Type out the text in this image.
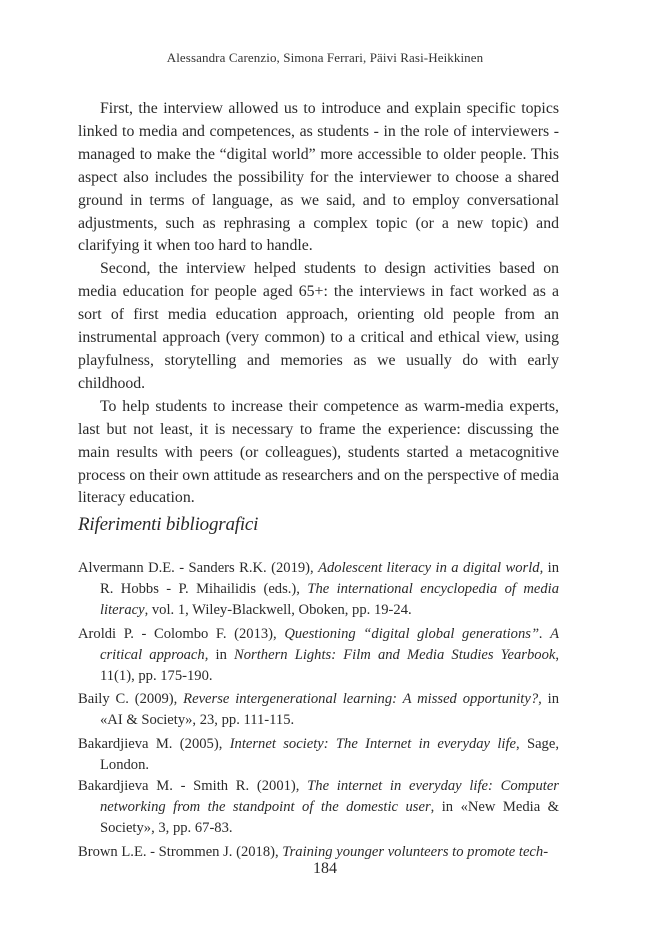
Alessandra Carenzio, Simona Ferrari, Päivi Rasi-Heikkinen

First, the interview allowed us to introduce and explain specific topics linked to media and competences, as students - in the role of interviewers - managed to make the “digital world” more accessible to older people. This aspect also includes the possibility for the interviewer to choose a shared ground in terms of language, as we said, and to employ conversational adjustments, such as rephrasing a complex topic (or a new topic) and clarifying it when too hard to handle.

Second, the interview helped students to design activities based on media education for people aged 65+: the interviews in fact worked as a sort of first media education approach, orienting old people from an instrumental approach (very common) to a critical and ethical view, using playfulness, storytelling and memories as we usually do with early childhood.

To help students to increase their competence as warm-media experts, last but not least, it is necessary to frame the experience: discussing the main results with peers (or colleagues), students started a metacognitive process on their own attitude as researchers and on the perspective of media literacy education.

Riferimenti bibliografici
Alvermann D.E. - Sanders R.K. (2019), Adolescent literacy in a digital world, in R. Hobbs - P. Mihailidis (eds.), The international encyclopedia of media literacy, vol. 1, Wiley-Blackwell, Oboken, pp. 19-24.
Aroldi P. - Colombo F. (2013), Questioning “digital global generations”. A critical approach, in Northern Lights: Film and Media Studies Yearbook, 11(1), pp. 175-190.
Baily C. (2009), Reverse intergenerational learning: A missed opportunity?, in «AI & Society», 23, pp. 111-115.
Bakardjieva M. (2005), Internet society: The Internet in everyday life, Sage, London.
Bakardjieva M. - Smith R. (2001), The internet in everyday life: Computer networking from the standpoint of the domestic user, in «New Media & Society», 3, pp. 67-83.
Brown L.E. - Strommen J. (2018), Training younger volunteers to promote tech-
184
